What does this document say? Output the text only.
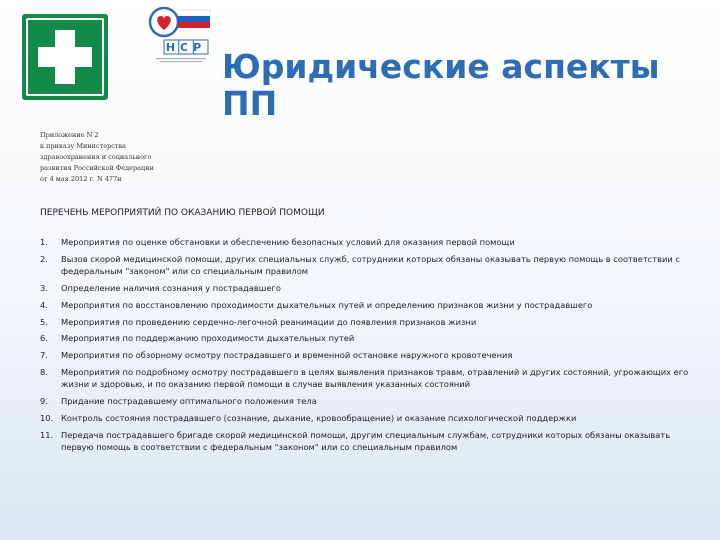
НСР Юридические аспекты ПП
Приложение N 2
к приказу Министерства
здравоохранения и социального
развития Российской Федерации
от 4 мая 2012 г. N 477н
ПЕРЕЧЕНЬ МЕРОПРИЯТИЙ ПО ОКАЗАНИЮ ПЕРВОЙ ПОМОЩИ
1. Мероприятия по оценке обстановки и обеспечению безопасных условий для оказания первой помощи
2. Вызов скорой медицинской помощи, других специальных служб, сотрудники которых обязаны оказывать первую помощь в соответствии с федеральным "законом" или со специальным правилом
3. Определение наличия сознания у пострадавшего
4. Мероприятия по восстановлению проходимости дыхательных путей и определению признаков жизни у пострадавшего
5. Мероприятия по проведению сердечно-легочной реанимации до появления признаков жизни
6. Мероприятия по поддержанию проходимости дыхательных путей
7. Мероприятия по обзорному осмотру пострадавшего и временной остановке наружного кровотечения
8. Мероприятия по подробному осмотру пострадавшего в целях выявления признаков травм, отравлений и других состояний, угрожающих его жизни и здоровью, и по оказанию первой помощи в случае выявления указанных состояний
9. Придание пострадавшему оптимального положения тела
10. Контроль состояния пострадавшего (сознание, дыхание, кровообращение) и оказание психологической поддержки
11. Передача пострадавшего бригаде скорой медицинской помощи, другим специальным службам, сотрудники которых обязаны оказывать первую помощь в соответствии с федеральным "законом" или со специальным правилом
